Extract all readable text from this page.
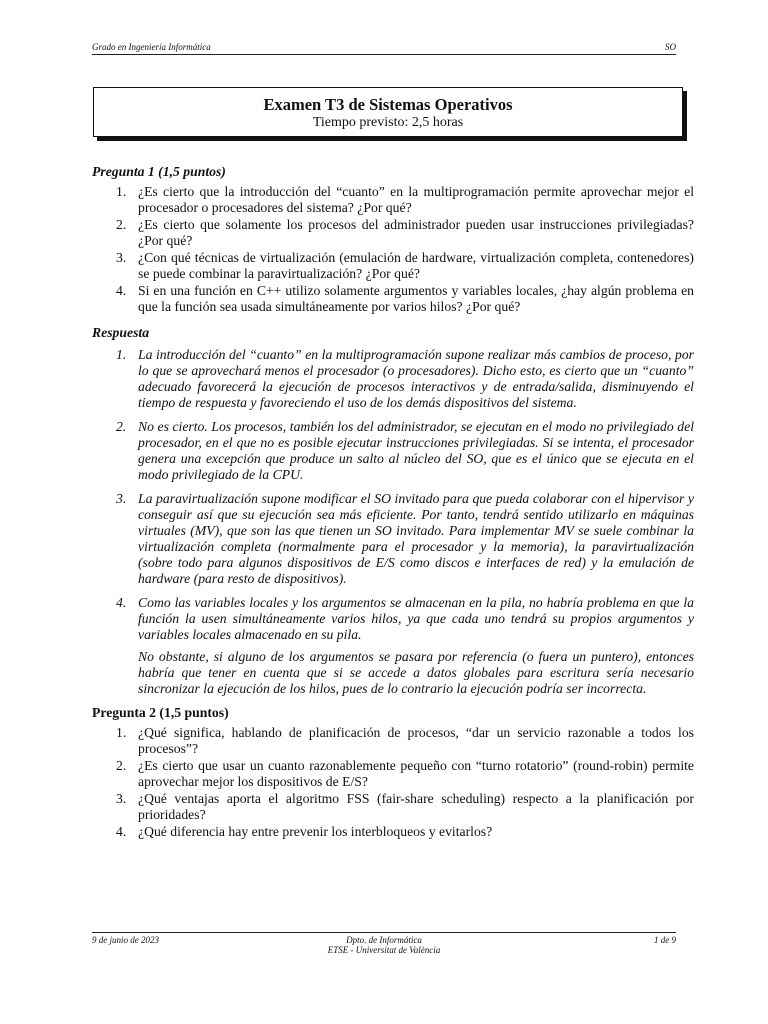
Grado en Ingeniería Informática	SO
Examen T3 de Sistemas Operativos
Tiempo previsto: 2,5 horas
Pregunta 1 (1,5 puntos)
1. ¿Es cierto que la introducción del “cuanto” en la multiprogramación permite aprovechar mejor el procesador o procesadores del sistema? ¿Por qué?
2. ¿Es cierto que solamente los procesos del administrador pueden usar instrucciones privilegiadas? ¿Por qué?
3. ¿Con qué técnicas de virtualización (emulación de hardware, virtualización completa, contenedores) se puede combinar la paravirtualización? ¿Por qué?
4. Si en una función en C++ utilizo solamente argumentos y variables locales, ¿hay algún problema en que la función sea usada simultáneamente por varios hilos? ¿Por qué?
Respuesta
1. La introducción del “cuanto” en la multiprogramación supone realizar más cambios de proceso, por lo que se aprovechará menos el procesador (o procesadores). Dicho esto, es cierto que un “cuanto” adecuado favorecerá la ejecución de procesos interactivos y de entrada/salida, disminuyendo el tiempo de respuesta y favoreciendo el uso de los demás dispositivos del sistema.

2. No es cierto. Los procesos, también los del administrador, se ejecutan en el modo no privilegiado del procesador, en el que no es posible ejecutar instrucciones privilegiadas. Si se intenta, el procesador genera una excepción que produce un salto al núcleo del SO, que es el único que se ejecuta en el modo privilegiado de la CPU.

3. La paravirtualización supone modificar el SO invitado para que pueda colaborar con el hipervisor y conseguir así que su ejecución sea más eficiente. Por tanto, tendrá sentido utilizarlo en máquinas virtuales (MV), que son las que tienen un SO invitado. Para implementar MV se suele combinar la virtualización completa (normalmente para el procesador y la memoria), la paravirtualización (sobre todo para algunos dispositivos de E/S como discos e interfaces de red) y la emulación de hardware (para resto de dispositivos).

4. Como las variables locales y los argumentos se almacenan en la pila, no habría problema en que la función la usen simultáneamente varios hilos, ya que cada uno tendrá su propios argumentos y variables locales almacenado en su pila.

No obstante, si alguno de los argumentos se pasara por referencia (o fuera un puntero), entonces habría que tener en cuenta que si se accede a datos globales para escritura sería necesario sincronizar la ejecución de los hilos, pues de lo contrario la ejecución podría ser incorrecta.

Pregunta 2 (1,5 puntos)
1. ¿Qué significa, hablando de planificación de procesos, “dar un servicio razonable a todos los procesos”?
2. ¿Es cierto que usar un cuanto razonablemente pequeño con “turno rotatorio” (round-robin) permite aprovechar mejor los dispositivos de E/S?
3. ¿Qué ventajas aporta el algoritmo FSS (fair-share scheduling) respecto a la planificación por prioridades?
4. ¿Qué diferencia hay entre prevenir los interbloqueos y evitarlos?
9 de junio de 2023	Dpto. de Informática
ETSE - Universitat de València
1 de 9
